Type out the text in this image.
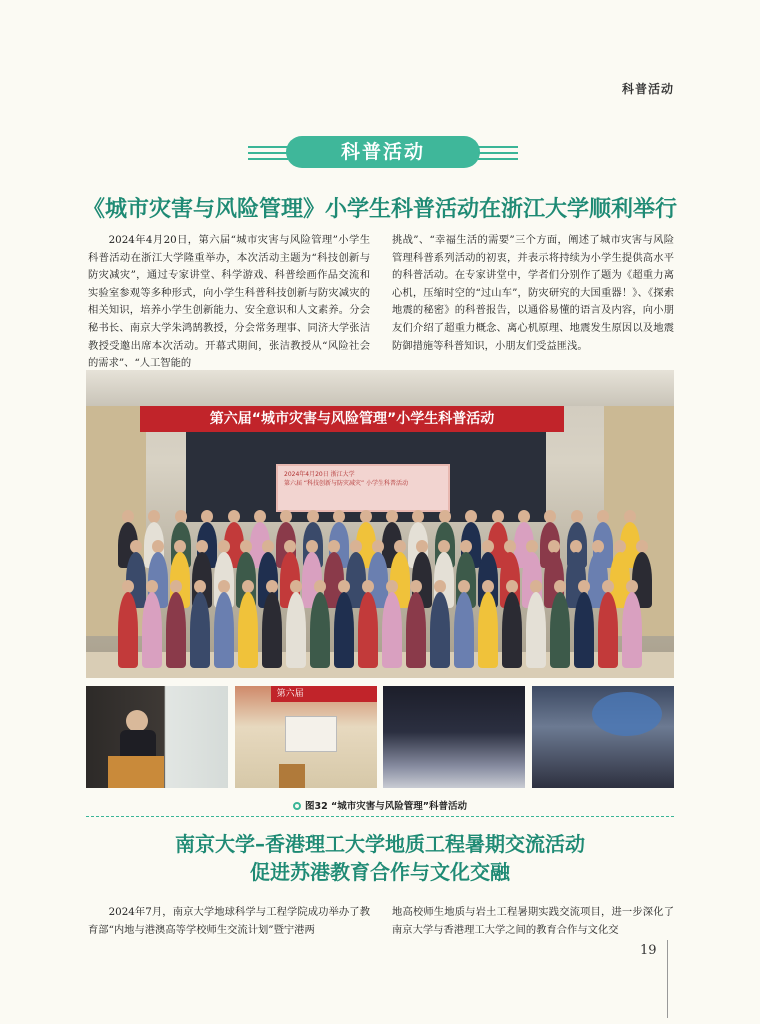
科普活动
科普活动
《城市灾害与风险管理》小学生科普活动在浙江大学顺利举行
2024年4月20日，第六届“城市灾害与风险管理”小学生科普活动在浙江大学隆重举办，本次活动主题为“科技创新与防灾减灾”，通过专家讲堂、科学游戏、科普绘画作品交流和实验室参观等多种形式，向小学生科普科技创新与防灾减灾的相关知识，培养小学生创新能力、安全意识和人文素养。分会秘书长、南京大学朱鸿鹄教授，分会常务理事、同济大学张洁教授受邀出席本次活动。开幕式期间，张洁教授从“风险社会的需求”、“人工智能的
挑战”、“幸福生活的需要”三个方面，阐述了城市灾害与风险管理科普系列活动的初衷，并表示将持续为小学生提供高水平的科普活动。在专家讲堂中，学者们分别作了题为《超重力离心机，压缩时空的“过山车”，防灾研究的大国重器！》、《探索地震的秘密》的科普报告，以通俗易懂的语言及内容，向小朋友们介绍了超重力概念、离心机原理、地震发生原因以及地震防御措施等科普知识，小朋友们受益匪浅。
第六届“城市灾害与风险管理”小学生科普活动
2024年4月20日 浙江大学
第六届 “科技创新与防灾减灾” 小学生科普活动
第六届
图32 “城市灾害与风险管理”科普活动
南京大学–香港理工大学地质工程暑期交流活动
促进苏港教育合作与文化交融
2024年7月，南京大学地球科学与工程学院成功举办了教育部“内地与港澳高等学校师生交流计划”暨宁港两
地高校师生地质与岩土工程暑期实践交流项目，进一步深化了南京大学与香港理工大学之间的教育合作与文化交
19
